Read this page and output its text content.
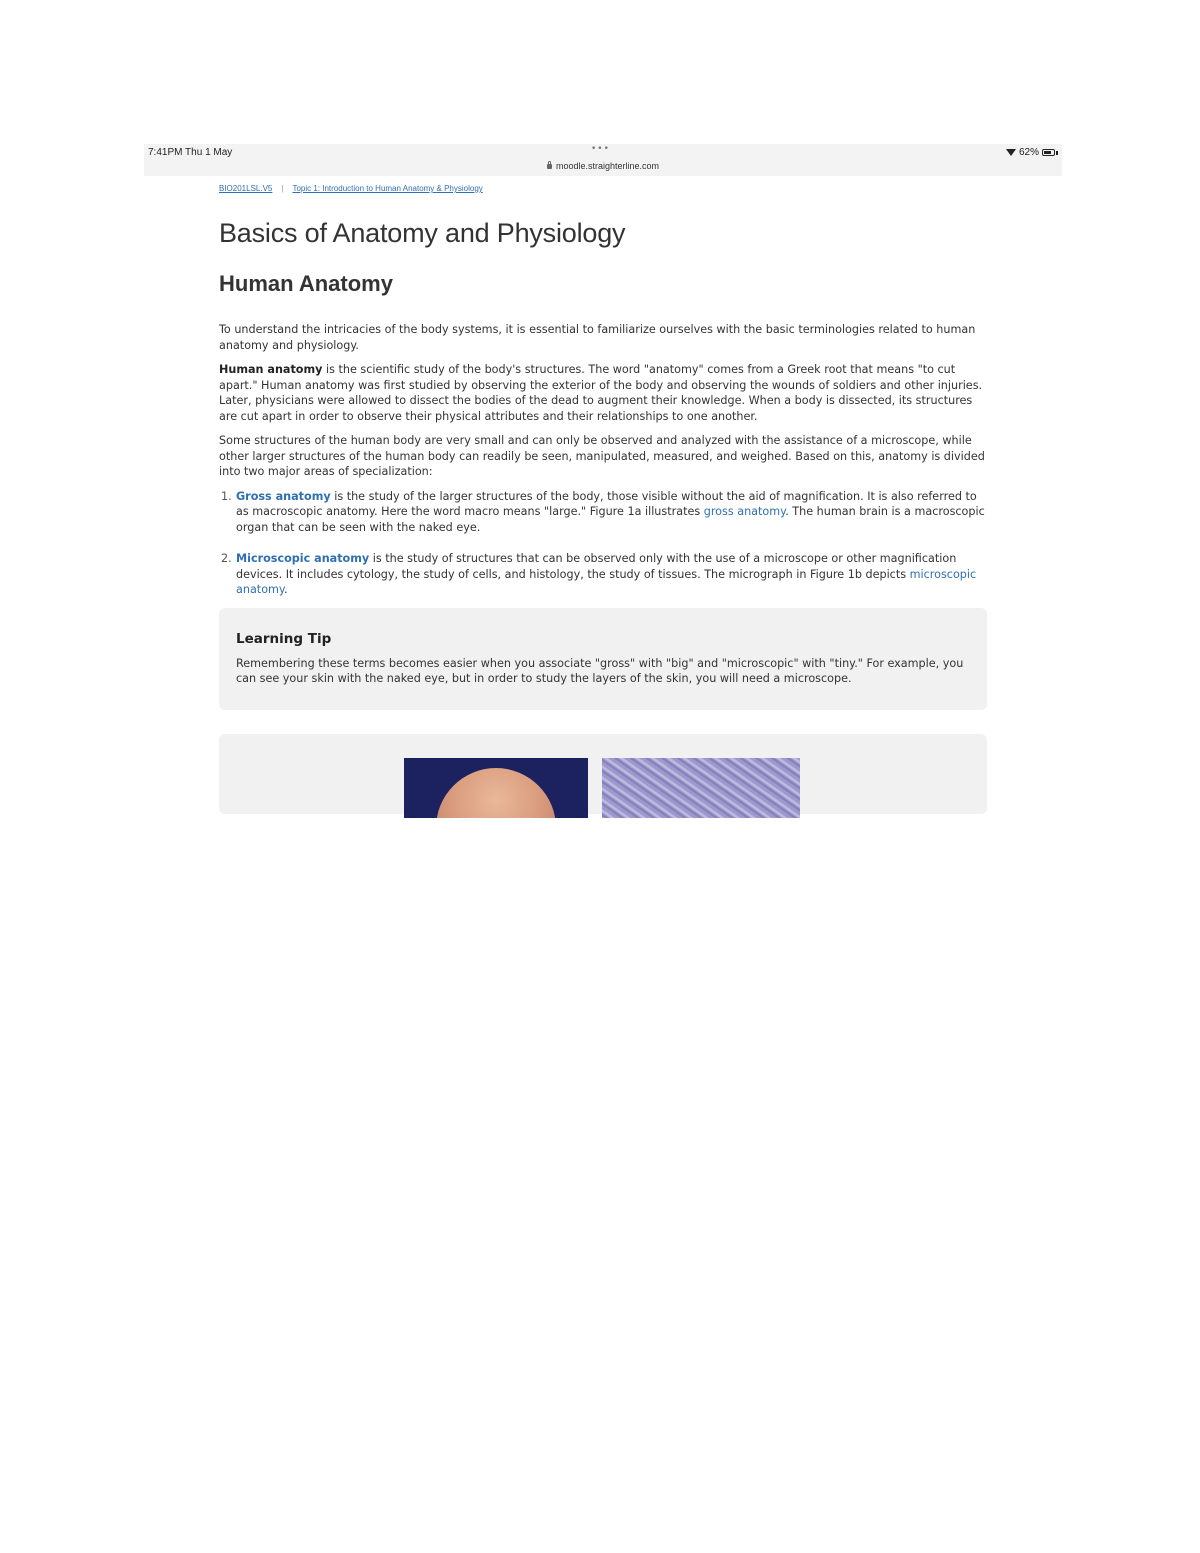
7:41PM Thu 1 May	•••
moodle.straighterline.com
62%
BIO201LSL.V5 | Topic 1: Introduction to Human Anatomy & Physiology
Basics of Anatomy and Physiology
Human Anatomy

To understand the intricacies of the body systems, it is essential to familiarize ourselves with the basic terminologies related to human anatomy and physiology.

Human anatomy is the scientific study of the body's structures. The word "anatomy" comes from a Greek root that means "to cut apart." Human anatomy was first studied by observing the exterior of the body and observing the wounds of soldiers and other injuries. Later, physicians were allowed to dissect the bodies of the dead to augment their knowledge. When a body is dissected, its structures are cut apart in order to observe their physical attributes and their relationships to one another.

Some structures of the human body are very small and can only be observed and analyzed with the assistance of a microscope, while other larger structures of the human body can readily be seen, manipulated, measured, and weighed. Based on this, anatomy is divided into two major areas of specialization:

1. Gross anatomy is the study of the larger structures of the body, those visible without the aid of magnification. It is also referred to as macroscopic anatomy. Here the word macro means "large." Figure 1a illustrates gross anatomy. The human brain is a macroscopic organ that can be seen with the naked eye.
2. Microscopic anatomy is the study of structures that can be observed only with the use of a microscope or other magnification devices. It includes cytology, the study of cells, and histology, the study of tissues. The micrograph in Figure 1b depicts microscopic anatomy.
Learning Tip

Remembering these terms becomes easier when you associate "gross" with "big" and "microscopic" with "tiny." For example, you can see your skin with the naked eye, but in order to study the layers of the skin, you will need a microscope.
